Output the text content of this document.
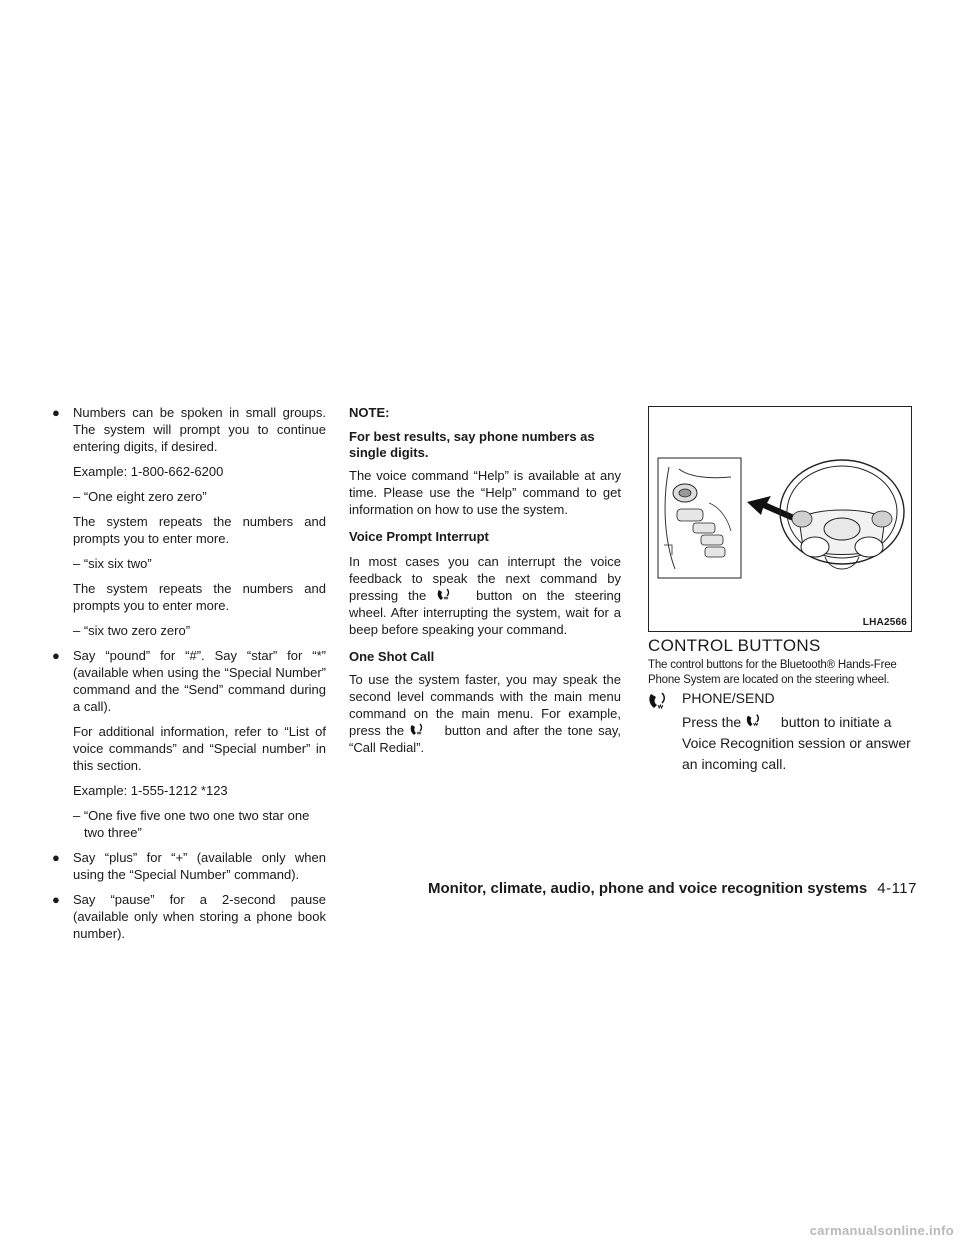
● Numbers can be spoken in small groups. The system will prompt you to continue entering digits, if desired.

Example: 1-800-662-6200

– “One eight zero zero”

The system repeats the numbers and prompts you to enter more.

– “six six two”

The system repeats the numbers and prompts you to enter more.

– “six two zero zero”

● Say “pound” for “#”. Say “star” for “*” (available when using the “Special Number” command and the “Send” command during a call).

For additional information, refer to “List of voice commands” and “Special number” in this section.

Example: 1-555-1212 *123

– “One five five one two one two star one two three”

● Say “plus” for “+” (available only when using the “Special Number” command).
● Say “pause” for a 2-second pause (available only when storing a phone book number).

NOTE:

For best results, say phone numbers as single digits.

The voice command “Help” is available at any time. Please use the “Help” command to get information on how to use the system.

Voice Prompt Interrupt

In most cases you can interrupt the voice feedback to speak the next command by pressing the	button on the steering wheel. After interrupting the system, wait for a beep before speaking your command.

One Shot Call

To use the system faster, you may speak the second level commands with the main menu command on the main menu. For example, press the	button and after the tone say, “Call Redial”.

LHA2566
CONTROL BUTTONS
The control buttons for the Bluetooth® Hands-Free Phone System are located on the steering wheel.
PHONE/SEND
Press the	button to initiate a Voice Recognition session or answer an incoming call.
Monitor, climate, audio, phone and voice recognition systems 4-117
carmanualsonline.info
